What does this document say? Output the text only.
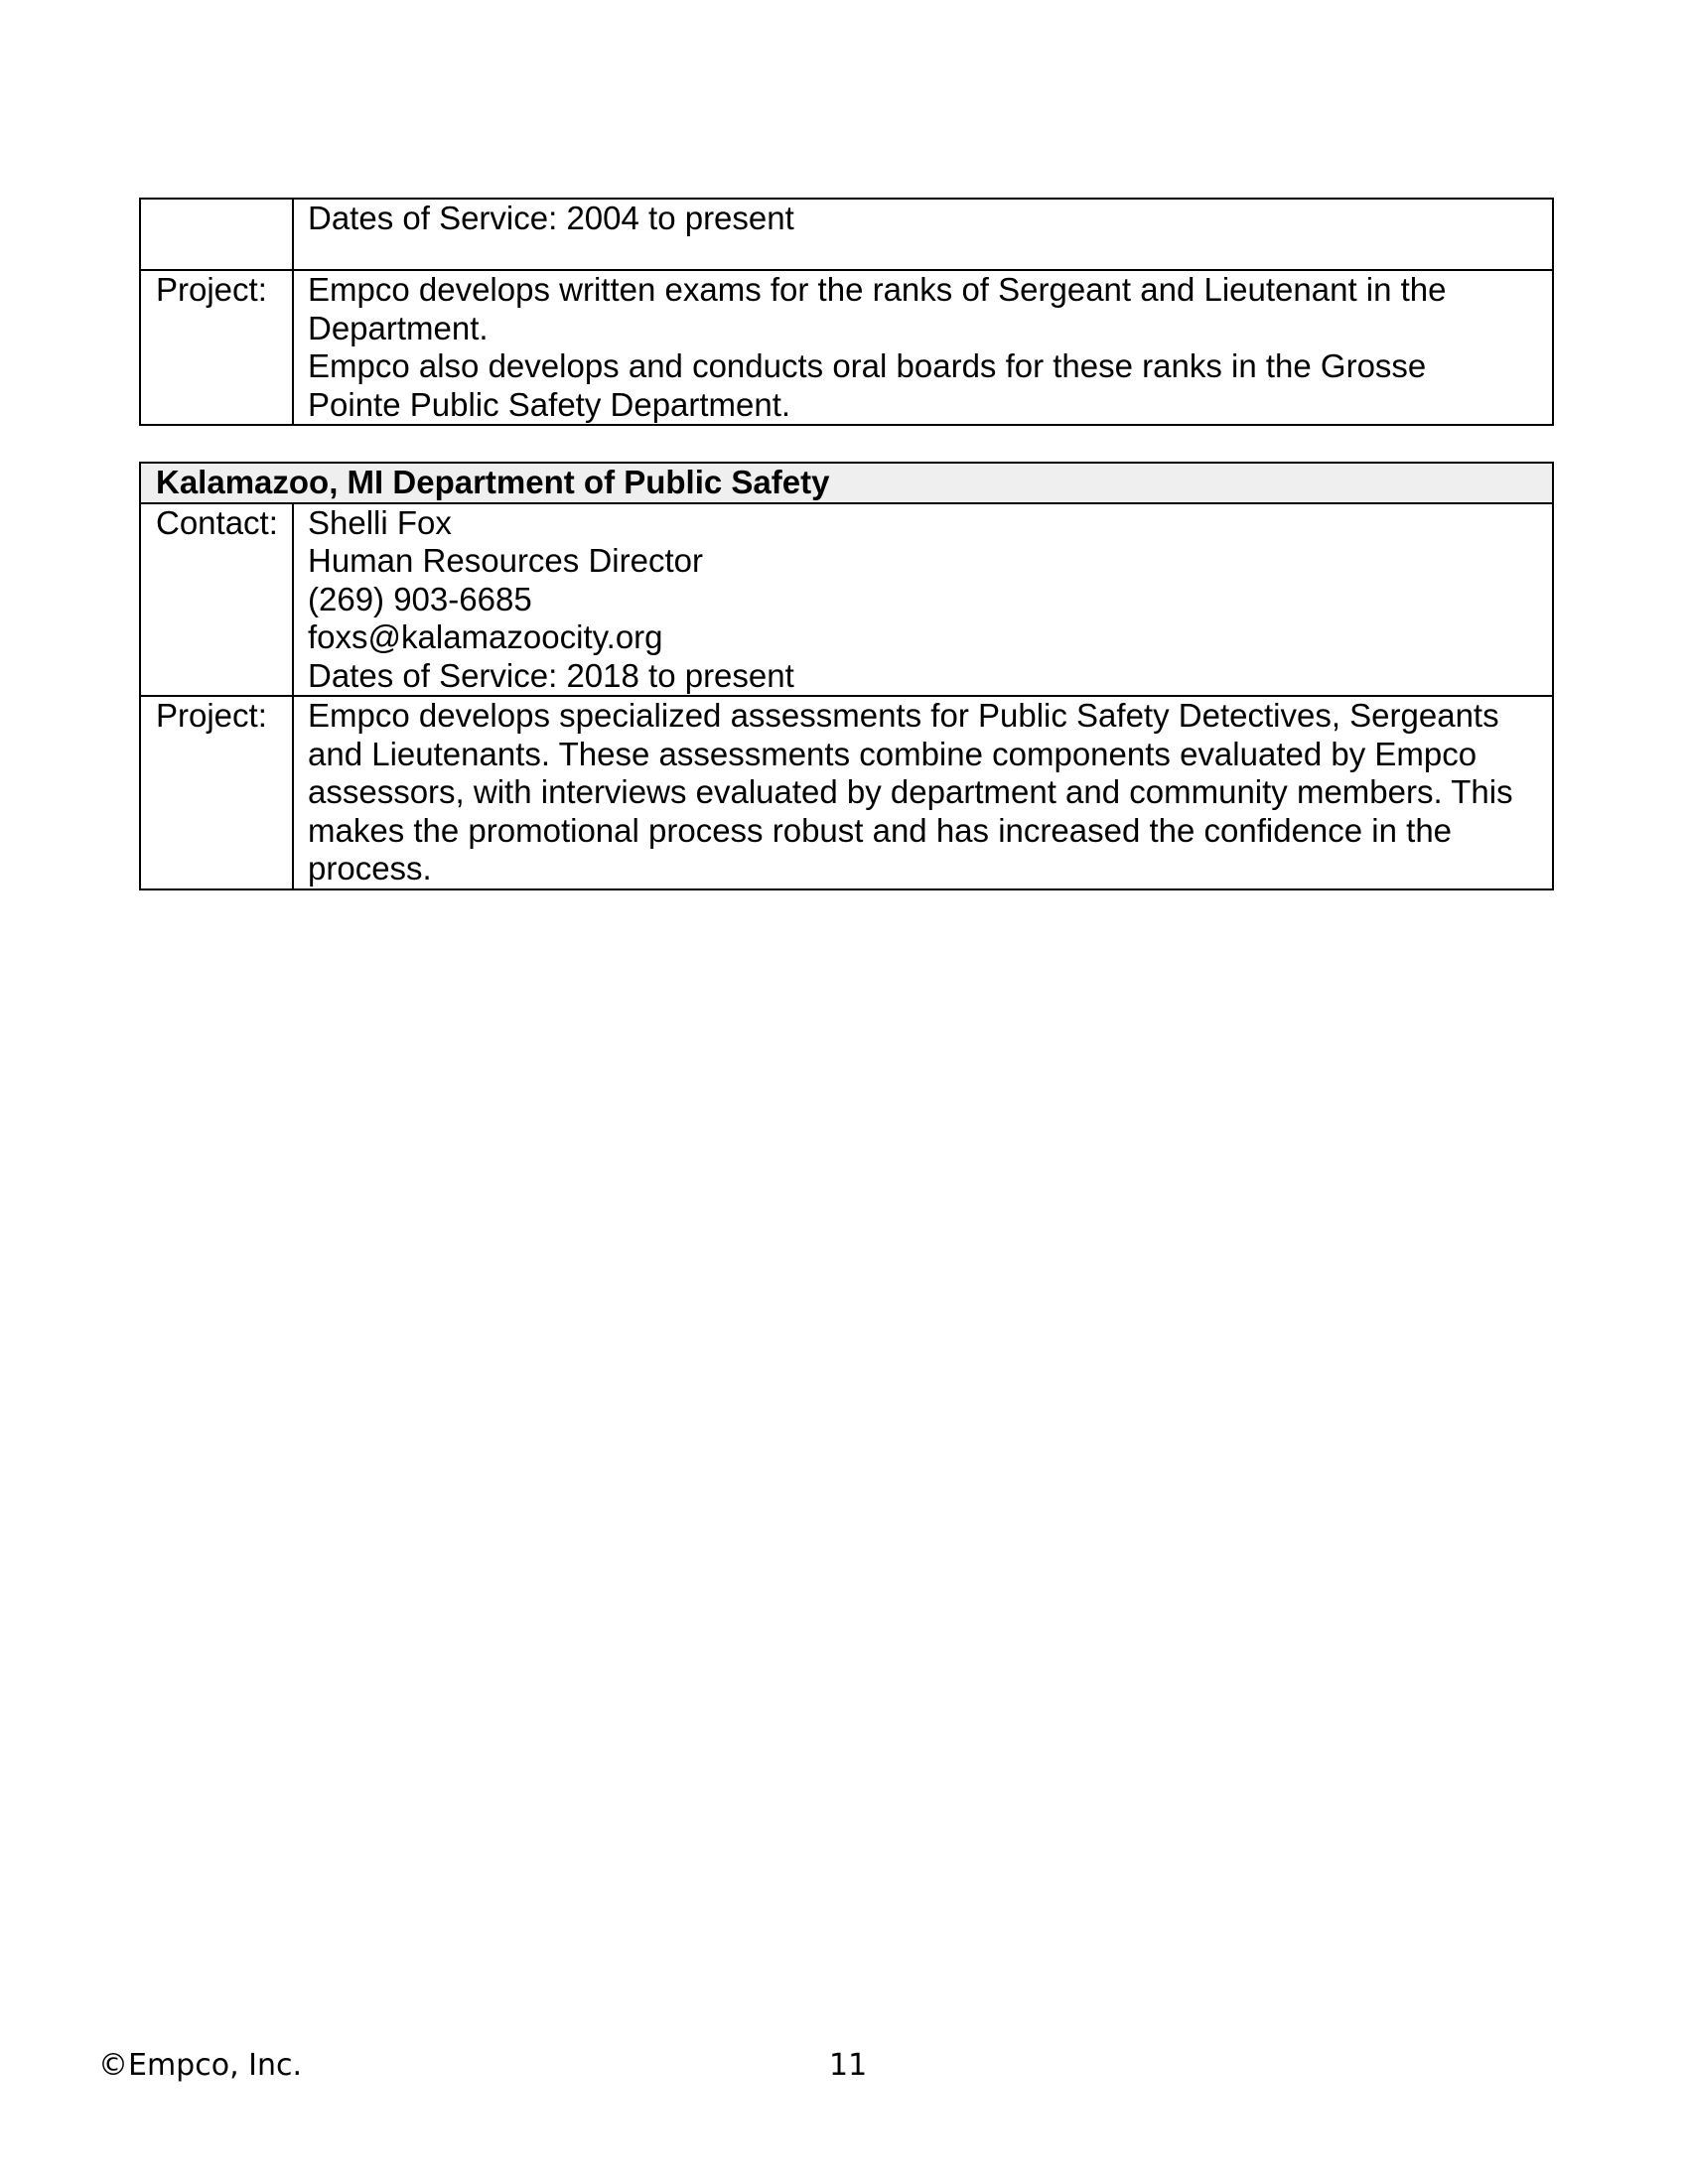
	Dates of Service: 2004 to present

Project:	Empco develops written exams for the ranks of Sergeant and Lieutenant in the
Department.
Empco also develops and conducts oral boards for these ranks in the Grosse
Pointe Public Safety Department.
Kalamazoo, MI Department of Public Safety	
Contact:	Shelli Fox
Human Resources Director
(269) 903-6685
foxs@kalamazoocity.org
Dates of Service: 2018 to present

Project:	Empco develops specialized assessments for Public Safety Detectives, Sergeants
and Lieutenants. These assessments combine components evaluated by Empco
assessors, with interviews evaluated by department and community members. This
makes the promotional process robust and has increased the confidence in the
process.
©Empco, Inc.	11
